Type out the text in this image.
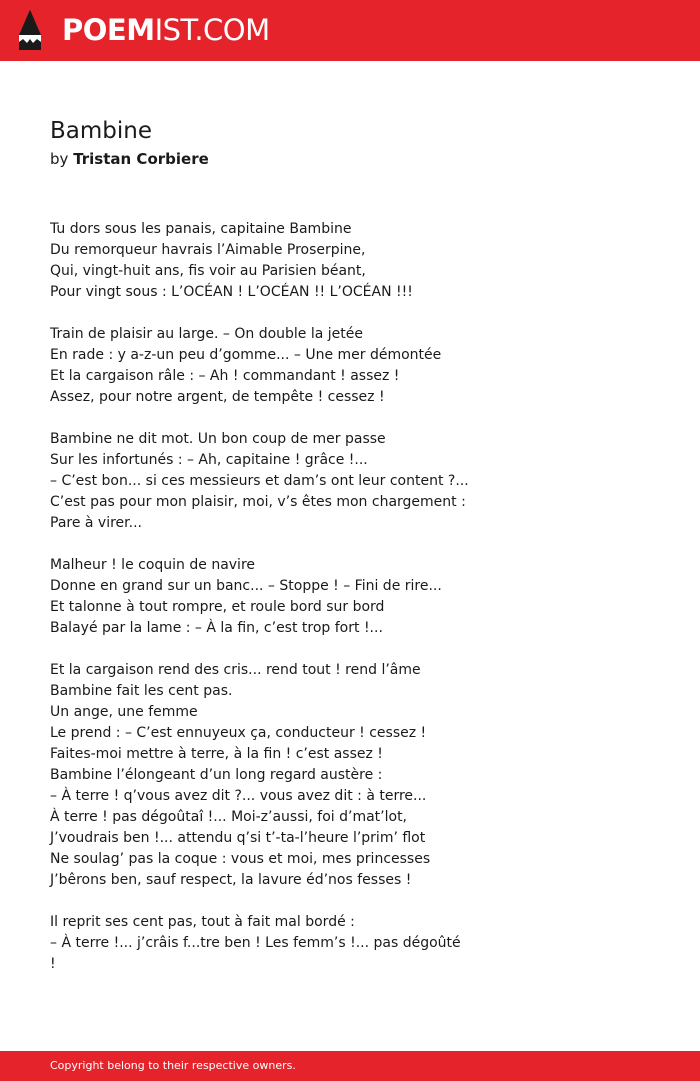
POEMIST.COM
Bambine
by Tristan Corbiere
Tu dors sous les panais, capitaine Bambine
Du remorqueur havrais l’Aimable Proserpine,
Qui, vingt-huit ans, fis voir au Parisien béant,
Pour vingt sous : L’OCÉAN ! L’OCÉAN !! L’OCÉAN !!!
Train de plaisir au large. – On double la jetée
En rade : y a-z-un peu d’gomme... – Une mer démontée
Et la cargaison râle : – Ah ! commandant ! assez !
Assez, pour notre argent, de tempête ! cessez !
Bambine ne dit mot. Un bon coup de mer passe
Sur les infortunés : – Ah, capitaine ! grâce !...
– C’est bon... si ces messieurs et dam’s ont leur content ?...
C’est pas pour mon plaisir, moi, v’s êtes mon chargement :
Pare à virer...
Malheur ! le coquin de navire
Donne en grand sur un banc... – Stoppe ! – Fini de rire...
Et talonne à tout rompre, et roule bord sur bord
Balayé par la lame : – À la fin, c’est trop fort !...
Et la cargaison rend des cris... rend tout ! rend l’âme
Bambine fait les cent pas.
Un ange, une femme
Le prend : – C’est ennuyeux ça, conducteur ! cessez !
Faites-moi mettre à terre, à la fin ! c’est assez !
Bambine l’élongeant d’un long regard austère :
– À terre ! q’vous avez dit ?... vous avez dit : à terre...
À terre ! pas dégoûtaî !... Moi-z’aussi, foi d’mat’lot,
J’voudrais ben !... attendu q’si t’-ta-l’heure l’prim’ flot
Ne soulag’ pas la coque : vous et moi, mes princesses
J’bêrons ben, sauf respect, la lavure éd’nos fesses !
Il reprit ses cent pas, tout à fait mal bordé :
– À terre !... j’crâis f...tre ben ! Les femm’s !... pas dégoûté
!
Copyright belong to their respective owners.
